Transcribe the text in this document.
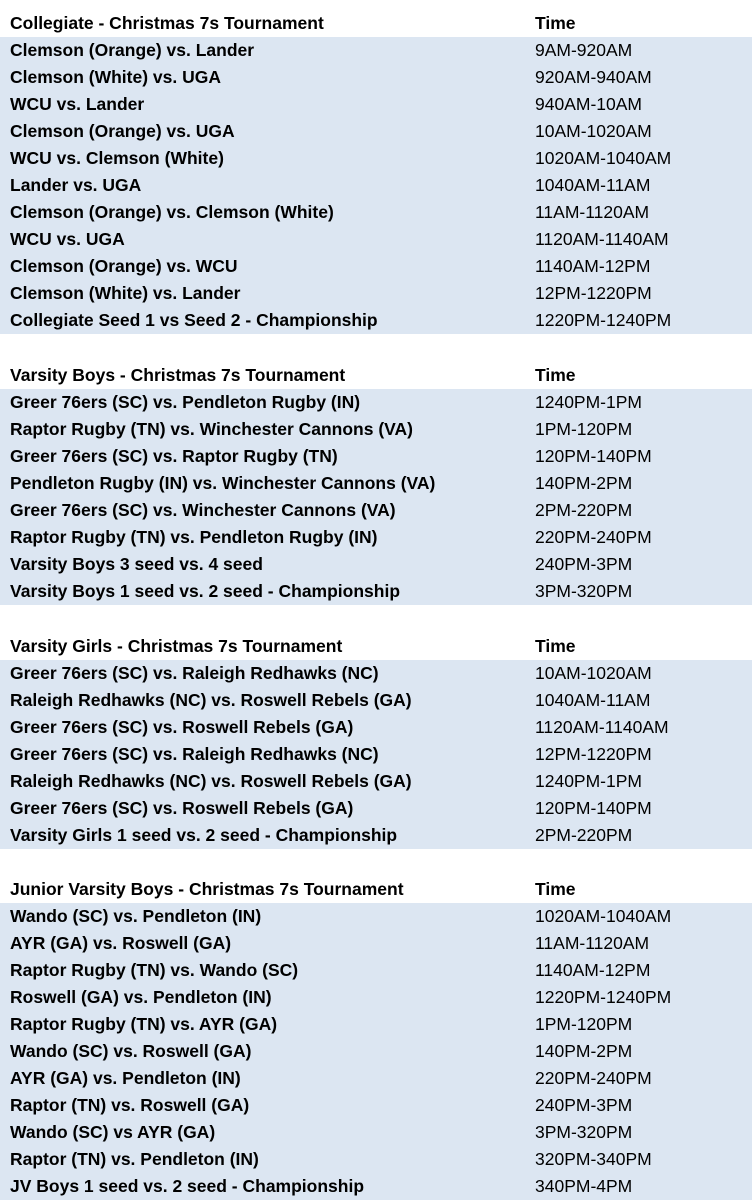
Collegiate - Christmas 7s Tournament	Time
Clemson (Orange) vs. Lander	9AM-920AM
Clemson (White) vs. UGA	920AM-940AM
WCU vs. Lander	940AM-10AM
Clemson (Orange) vs. UGA	10AM-1020AM
WCU vs. Clemson (White)	1020AM-1040AM
Lander vs. UGA	1040AM-11AM
Clemson (Orange) vs. Clemson (White)	11AM-1120AM
WCU vs. UGA	1120AM-1140AM
Clemson (Orange) vs. WCU	1140AM-12PM
Clemson (White) vs. Lander	12PM-1220PM
Collegiate Seed 1 vs Seed 2 - Championship	1220PM-1240PM
Varsity Boys - Christmas 7s Tournament	Time
Greer 76ers (SC) vs. Pendleton Rugby (IN)	1240PM-1PM
Raptor Rugby (TN) vs. Winchester Cannons (VA)	1PM-120PM
Greer 76ers (SC) vs. Raptor Rugby (TN)	120PM-140PM
Pendleton Rugby (IN) vs. Winchester Cannons (VA)	140PM-2PM
Greer 76ers (SC) vs. Winchester Cannons (VA)	2PM-220PM
Raptor Rugby (TN) vs. Pendleton Rugby (IN)	220PM-240PM
Varsity Boys 3 seed vs. 4 seed	240PM-3PM
Varsity Boys 1 seed vs. 2 seed - Championship	3PM-320PM
Varsity Girls - Christmas 7s Tournament	Time
Greer 76ers (SC) vs. Raleigh Redhawks (NC)	10AM-1020AM
Raleigh Redhawks (NC) vs. Roswell Rebels (GA)	1040AM-11AM
Greer 76ers (SC) vs. Roswell Rebels (GA)	1120AM-1140AM
Greer 76ers (SC) vs. Raleigh Redhawks (NC)	12PM-1220PM
Raleigh Redhawks (NC) vs. Roswell Rebels (GA)	1240PM-1PM
Greer 76ers (SC) vs. Roswell Rebels (GA)	120PM-140PM
Varsity Girls 1 seed vs. 2 seed - Championship	2PM-220PM
Junior Varsity Boys - Christmas 7s Tournament	Time
Wando (SC) vs. Pendleton (IN)	1020AM-1040AM
AYR (GA) vs. Roswell (GA)	11AM-1120AM
Raptor Rugby (TN) vs. Wando (SC)	1140AM-12PM
Roswell (GA) vs. Pendleton (IN)	1220PM-1240PM
Raptor Rugby (TN) vs. AYR (GA)	1PM-120PM
Wando (SC) vs. Roswell (GA)	140PM-2PM
AYR (GA) vs. Pendleton (IN)	220PM-240PM
Raptor (TN) vs. Roswell (GA)	240PM-3PM
Wando (SC) vs AYR (GA)	3PM-320PM
Raptor (TN) vs. Pendleton (IN)	320PM-340PM
JV Boys 1 seed vs. 2 seed - Championship	340PM-4PM
